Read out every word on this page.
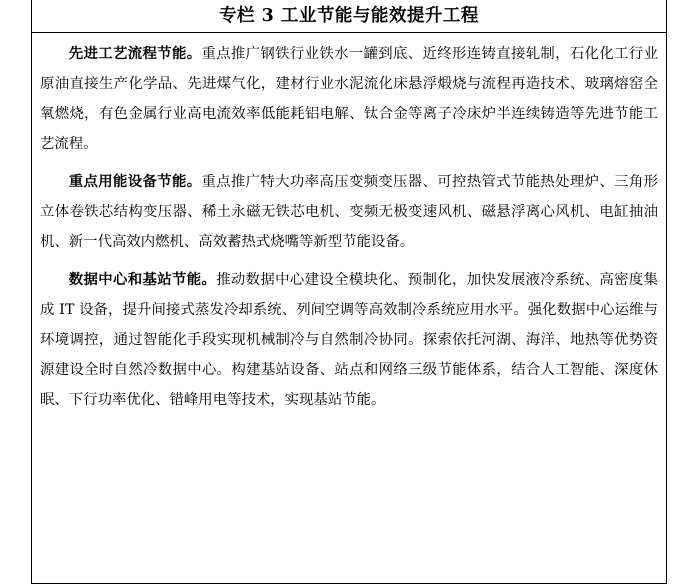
专栏 3 工业节能与能效提升工程

先进工艺流程节能。重点推广钢铁行业铁水一罐到底、近终形连铸直接轧制，石化化工行业原油直接生产化学品、先进煤气化，建材行业水泥流化床悬浮煅烧与流程再造技术、玻璃熔窑全氧燃烧，有色金属行业高电流效率低能耗铝电解、钛合金等离子冷床炉半连续铸造等先进节能工艺流程。

重点用能设备节能。重点推广特大功率高压变频变压器、可控热管式节能热处理炉、三角形立体卷铁芯结构变压器、稀土永磁无铁芯电机、变频无极变速风机、磁悬浮离心风机、电缸抽油机、新一代高效内燃机、高效蓄热式烧嘴等新型节能设备。

数据中心和基站节能。推动数据中心建设全模块化、预制化，加快发展液冷系统、高密度集成 IT 设备，提升间接式蒸发冷却系统、列间空调等高效制冷系统应用水平。强化数据中心运维与环境调控，通过智能化手段实现机械制冷与自然制冷协同。探索依托河湖、海洋、地热等优势资源建设全时自然冷数据中心。构建基站设备、站点和网络三级节能体系，结合人工智能、深度休眠、下行功率优化、错峰用电等技术，实现基站节能。
